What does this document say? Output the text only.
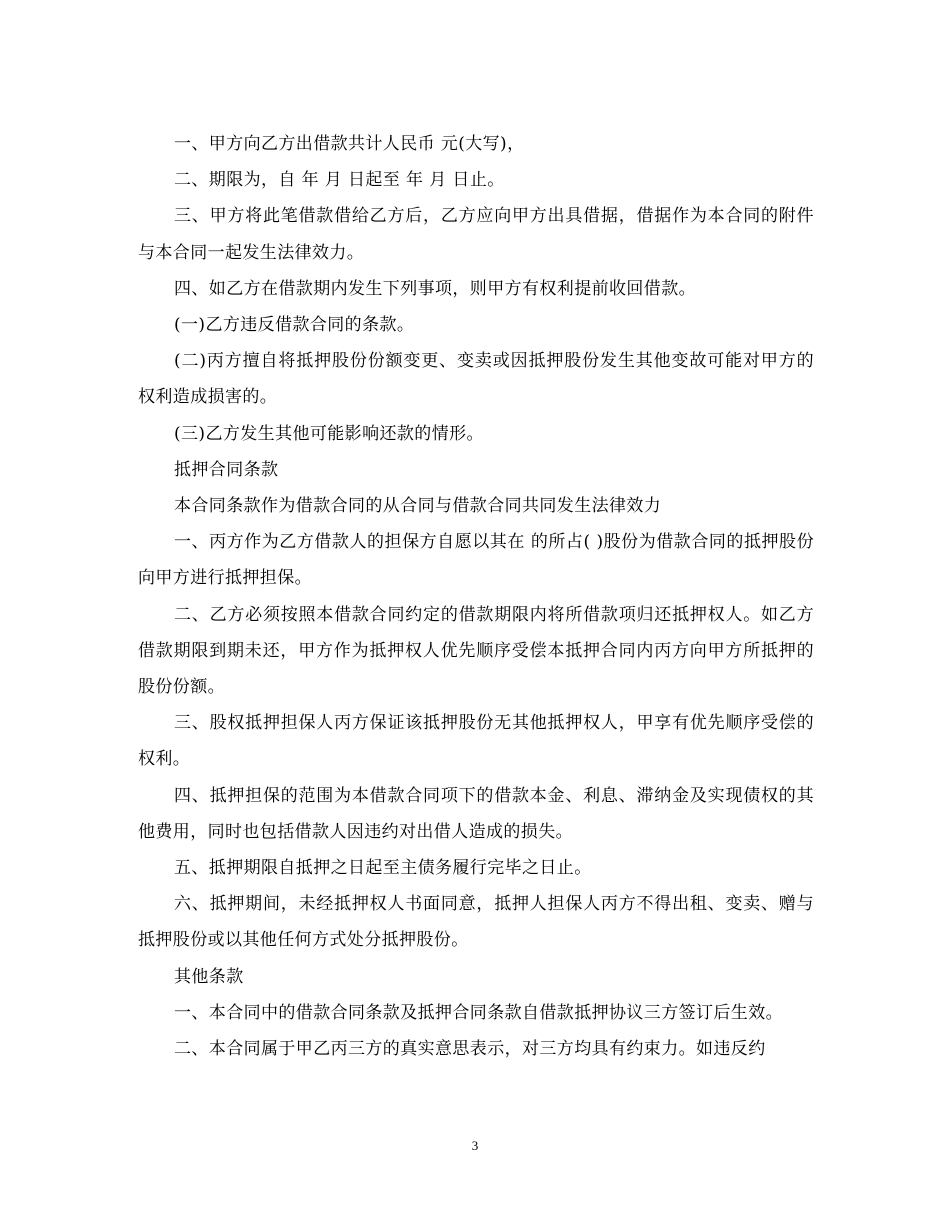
一、甲方向乙方出借款共计人民币 元(大写)，

二、期限为，自 年 月 日起至 年 月 日止。

三、甲方将此笔借款借给乙方后，乙方应向甲方出具借据，借据作为本合同的附件与本合同一起发生法律效力。

四、如乙方在借款期内发生下列事项，则甲方有权利提前收回借款。

(一)乙方违反借款合同的条款。

(二)丙方擅自将抵押股份份额变更、变卖或因抵押股份发生其他变故可能对甲方的权利造成损害的。

(三)乙方发生其他可能影响还款的情形。

抵押合同条款

本合同条款作为借款合同的从合同与借款合同共同发生法律效力

一、丙方作为乙方借款人的担保方自愿以其在 的所占( )股份为借款合同的抵押股份向甲方进行抵押担保。

二、乙方必须按照本借款合同约定的借款期限内将所借款项归还抵押权人。如乙方借款期限到期未还，甲方作为抵押权人优先顺序受偿本抵押合同内丙方向甲方所抵押的股份份额。

三、股权抵押担保人丙方保证该抵押股份无其他抵押权人，甲享有优先顺序受偿的权利。

四、抵押担保的范围为本借款合同项下的借款本金、利息、滞纳金及实现债权的其他费用，同时也包括借款人因违约对出借人造成的损失。

五、抵押期限自抵押之日起至主债务履行完毕之日止。

六、抵押期间，未经抵押权人书面同意，抵押人担保人丙方不得出租、变卖、赠与抵押股份或以其他任何方式处分抵押股份。

其他条款

一、本合同中的借款合同条款及抵押合同条款自借款抵押协议三方签订后生效。

二、本合同属于甲乙丙三方的真实意思表示，对三方均具有约束力。如违反约

3
